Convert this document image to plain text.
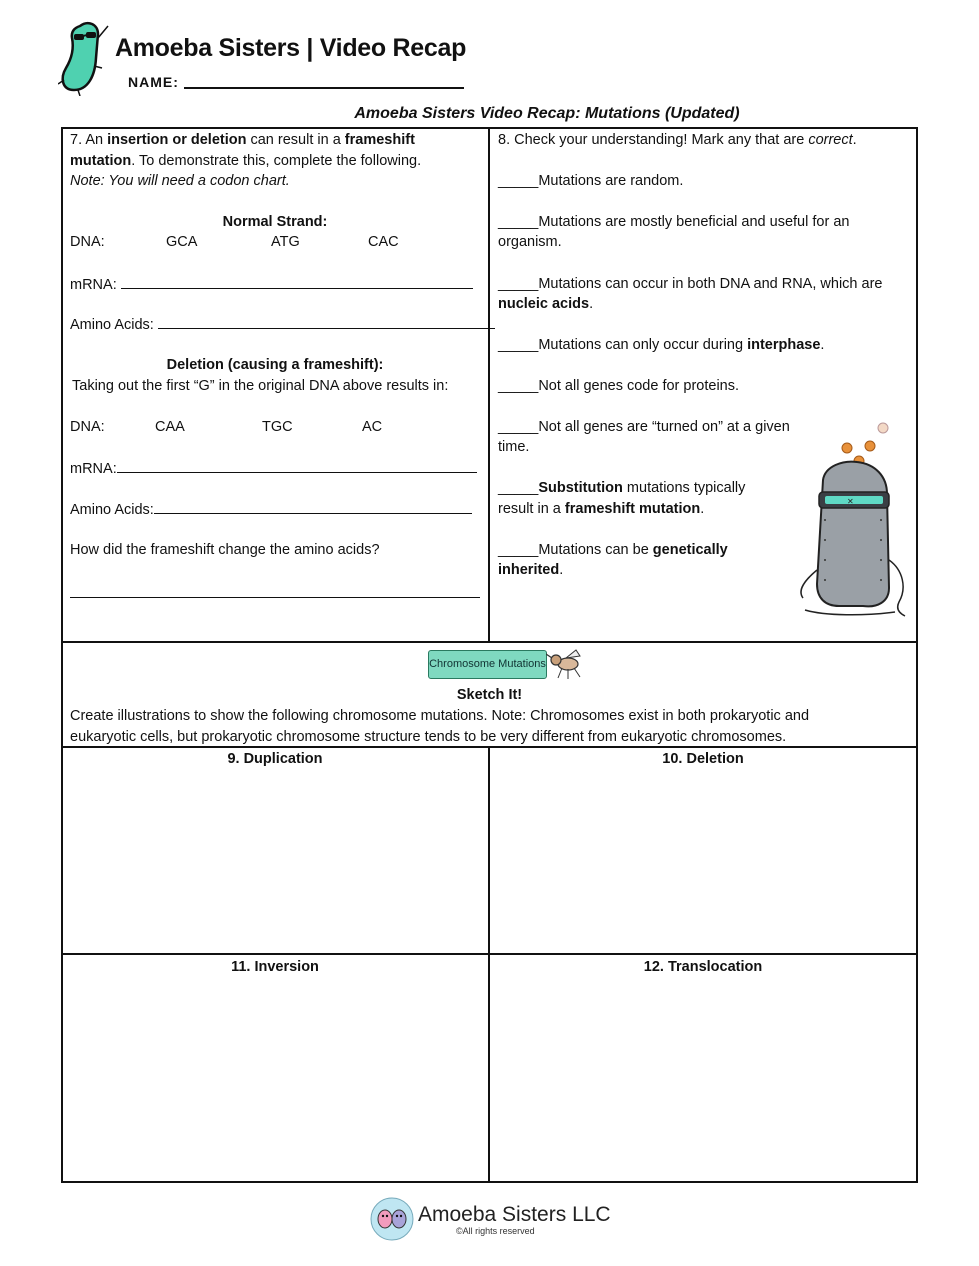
Amoeba Sisters | Video Recap
NAME:
Amoeba Sisters Video Recap: Mutations (Updated)
7. An insertion or deletion can result in a frameshift
mutation. To demonstrate this, complete the following.
Note: You will need a codon chart.
Normal Strand:
DNA:	GCA	ATG	CAC
mRNA:
Amino Acids:
Deletion (causing a frameshift):
Taking out the first “G” in the original DNA above results in:
DNA:	CAA	TGC	AC
mRNA:
Amino Acids:
How did the frameshift change the amino acids?
8. Check your understanding! Mark any that are correct.
_____Mutations are random.
_____Mutations are mostly beneficial and useful for an
organism.
_____Mutations can occur in both DNA and RNA, which are
nucleic acids.
_____Mutations can only occur during interphase.
_____Not all genes code for proteins.
_____Not all genes are “turned on” at a given
time.
_____Substitution mutations typically
result in a frameshift mutation.
_____Mutations can be genetically
inherited.
✕
Chromosome Mutations
Sketch It!
Create illustrations to show the following chromosome mutations. Note: Chromosomes exist in both prokaryotic and
eukaryotic cells, but prokaryotic chromosome structure tends to be very different from eukaryotic chromosomes.
9. Duplication	10. Deletion
11. Inversion	12. Translocation
Amoeba Sisters LLC
©All rights reserved
